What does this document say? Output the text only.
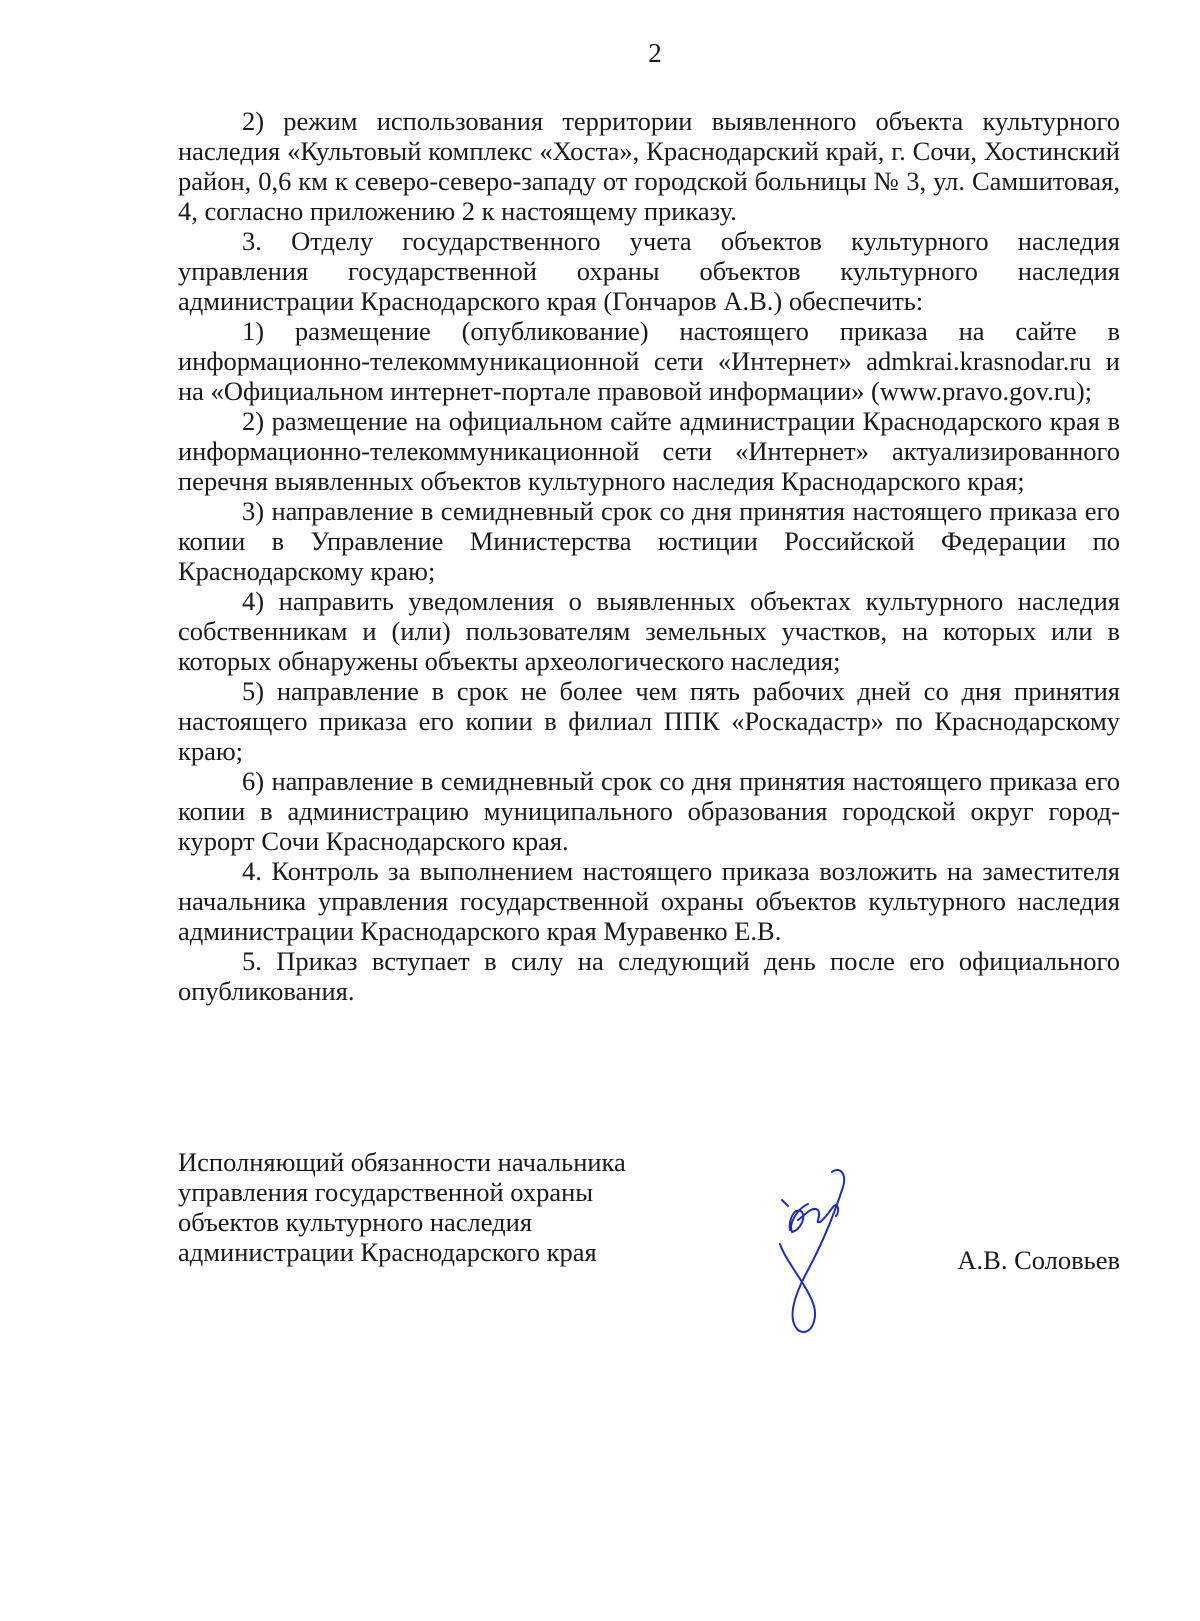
2

2) режим использования территории выявленного объекта культурного наследия «Культовый комплекс «Хоста», Краснодарский край, г. Сочи, Хостинский район, 0,6 км к северо-северо-западу от городской больницы № 3, ул. Самшитовая, 4, согласно приложению 2 к настоящему приказу.

3. Отделу государственного учета объектов культурного наследия управления государственной охраны объектов культурного наследия администрации Краснодарского края (Гончаров А.В.) обеспечить:

1) размещение (опубликование) настоящего приказа на сайте в информационно-телекоммуникационной сети «Интернет» admkrai.krasnodar.ru и на «Официальном интернет-портале правовой информации» (www.pravo.gov.ru);

2) размещение на официальном сайте администрации Краснодарского края в информационно-телекоммуникационной сети «Интернет» актуализированного перечня выявленных объектов культурного наследия Краснодарского края;

3) направление в семидневный срок со дня принятия настоящего приказа его копии в Управление Министерства юстиции Российской Федерации по Краснодарскому краю;

4) направить уведомления о выявленных объектах культурного наследия собственникам и (или) пользователям земельных участков, на которых или в которых обнаружены объекты археологического наследия;

5) направление в срок не более чем пять рабочих дней со дня принятия настоящего приказа его копии в филиал ППК «Роскадастр» по Краснодарскому краю;

6) направление в семидневный срок со дня принятия настоящего приказа его копии в администрацию муниципального образования городской округ город-курорт Сочи Краснодарского края.

4. Контроль за выполнением настоящего приказа возложить на заместителя начальника управления государственной охраны объектов культурного наследия администрации Краснодарского края Муравенко Е.В.

5. Приказ вступает в силу на следующий день после его официального опубликования.

Исполняющий обязанности начальника
управления государственной охраны
объектов культурного наследия
администрации Краснодарского края	А.В. Соловьев
